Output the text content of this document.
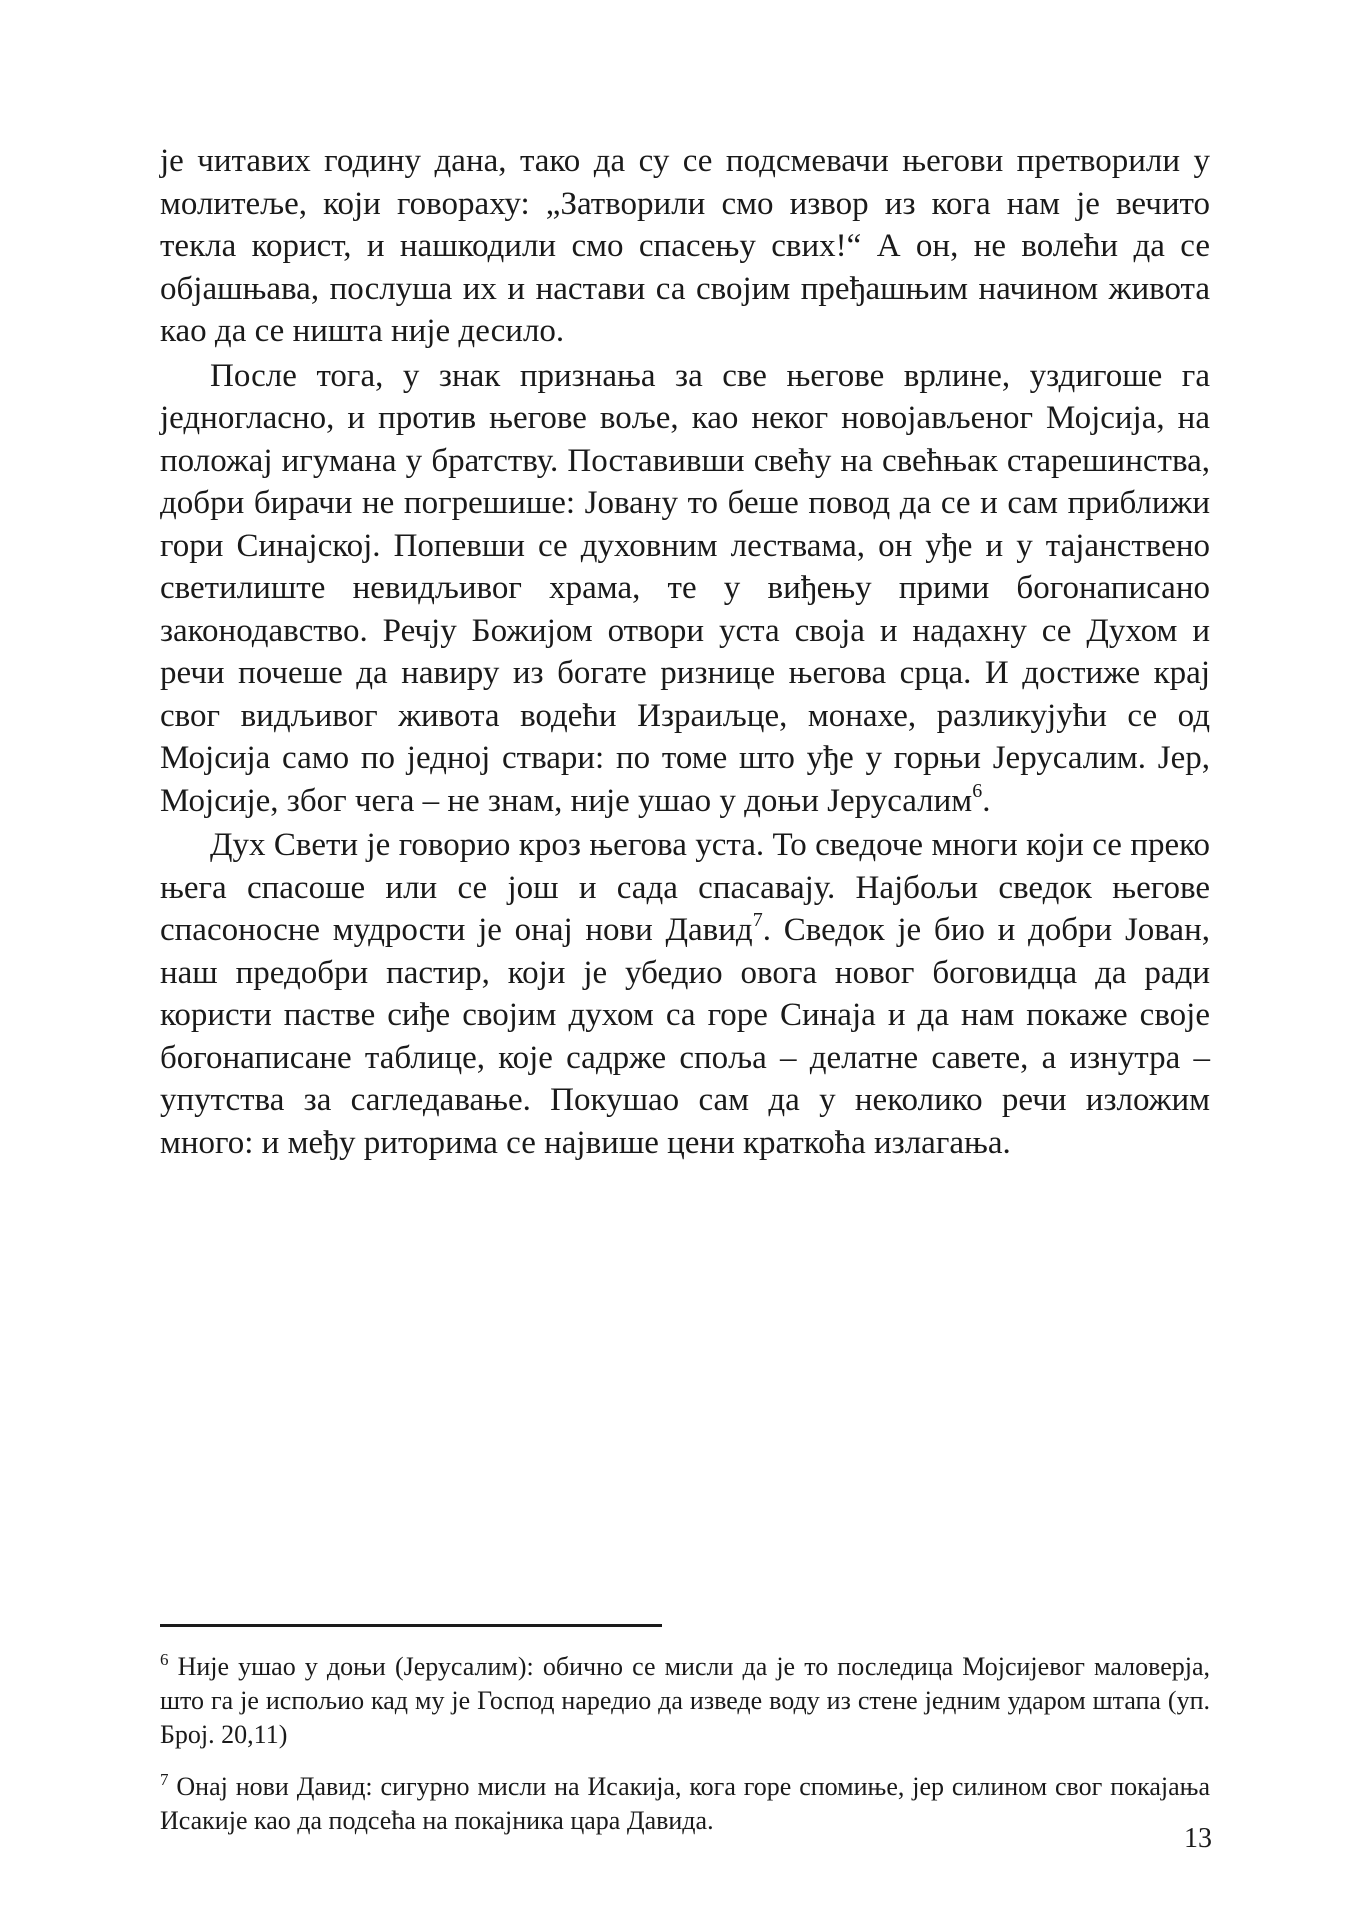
је читавих годину дана, тако да су се подсмевачи његови претворили у молитеље, који говораху: „Затворили смо извор из кога нам је вечито текла корист, и нашкодили смо спасењу свих!“ А он, не волећи да се објашњава, послуша их и настави са својим пређашњим начином живота као да се ништа није десило.

После тога, у знак признања за све његове врлине, уздигоше га једногласно, и против његове воље, као неког новојављеног Мојсија, на положај игумана у братству. Поставивши свећу на свећњак старешинства, добри бирачи не погрешише: Јовану то беше повод да се и сам приближи гори Синајској. Попевши се духовним лествама, он уђе и у тајанствено светилиште невидљивог храма, те у виђењу прими богонаписано законодавство. Речју Божијом отвори уста своја и надахну се Духом и речи почеше да навиру из богате ризнице његова срца. И достиже крај свог видљивог живота водећи Израиљце, монахе, разликујући се од Мојсија само по једној ствари: по томе што уђе у горњи Јерусалим. Јер, Мојсије, због чега – не знам, није ушао у доњи Јерусалим$^6$.

Дух Свети је говорио кроз његова уста. То сведоче многи који се преко њега спасоше или се још и сада спасавају. Најбољи сведок његове спасоносне мудрости је онај нови Давид$^7$. Сведок је био и добри Јован, наш предобри пастир, који је убедио овога новог боговидца да ради користи пастве сиђе својим духом са горе Синаја и да нам покаже своје богонаписане таблице, које садрже споља – делатне савете, а изнутра – упутства за сагледавање. Покушао сам да у неколико речи изложим много: и међу риторима се највише цени краткоћа излагања.

$^6$ Није ушао у доњи (Јерусалим): обично се мисли да је то последица Мојсијевог маловерја, што га је испољио кад му је Господ наредио да изведе воду из стене једним ударом штапа (уп. Број. 20,11)

$^7$ Онај нови Давид: сигурно мисли на Исакија, кога горе спомиње, јер силином свог покајања Исакије као да подсећа на покајника цара Давида.

13
